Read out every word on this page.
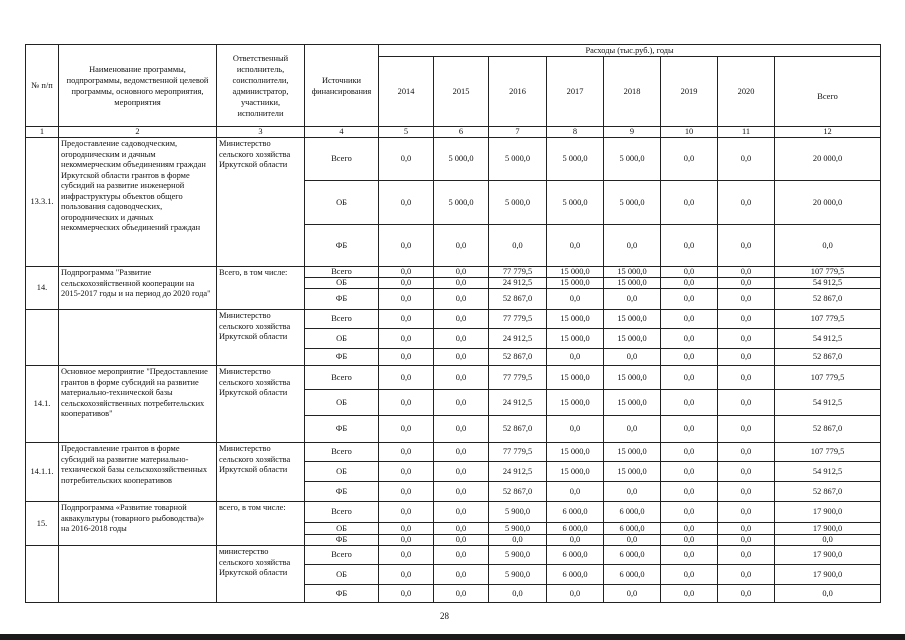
№ п/п	Наименование программы, подпрограммы, ведомственной целевой программы, основного мероприятия, мероприятия	Ответственный исполнитель, соисполнители, администратор, участники, исполнители	Источники финансирования	Расходы (тыс.руб.), годы							
				2014	2015	2016	2017	2018	2019	2020	Всего
1	2	3	4	5	6	7	8	9	10	11	12
13.3.1.	Предоставление садоводческим, огородническим и дачным некоммерческим объединениям граждан Иркутской области грантов в форме субсидий на развитие инженерной инфраструктуры объектов общего пользования садоводческих, огороднических и дачных некоммерческих объединений граждан	Министерство сельского хозяйства Иркутской области	Всего	0,0	5 000,0	5 000,0	5 000,0	5 000,0	0,0	0,0	20 000,0
			ОБ	0,0	5 000,0	5 000,0	5 000,0	5 000,0	0,0	0,0	20 000,0
			ФБ	0,0	0,0	0,0	0,0	0,0	0,0	0,0	0,0
14.	Подпрограмма "Развитие сельскохозяйственной кооперации на 2015-2017 годы и на период до 2020 года"	Всего, в том числе:	Всего	0,0	0,0	77 779,5	15 000,0	15 000,0	0,0	0,0	107 779,5
			ОБ	0,0	0,0	24 912,5	15 000,0	15 000,0	0,0	0,0	54 912,5
			ФБ	0,0	0,0	52 867,0	0,0	0,0	0,0	0,0	52 867,0
		Министерство сельского хозяйства Иркутской области	Всего	0,0	0,0	77 779,5	15 000,0	15 000,0	0,0	0,0	107 779,5
			ОБ	0,0	0,0	24 912,5	15 000,0	15 000,0	0,0	0,0	54 912,5
			ФБ	0,0	0,0	52 867,0	0,0	0,0	0,0	0,0	52 867,0
14.1.	Основное мероприятие "Предоставление грантов в форме субсидий на развитие материально-технической базы сельскохозяйственных потребительских кооперативов"	Министерство сельского хозяйства Иркутской области	Всего	0,0	0,0	77 779,5	15 000,0	15 000,0	0,0	0,0	107 779,5
			ОБ	0,0	0,0	24 912,5	15 000,0	15 000,0	0,0	0,0	54 912,5
			ФБ	0,0	0,0	52 867,0	0,0	0,0	0,0	0,0	52 867,0
14.1.1.	Предоставление грантов в форме субсидий на развитие материально-технической базы сельскохозяйственных потребительских кооперативов	Министерство сельского хозяйства Иркутской области	Всего	0,0	0,0	77 779,5	15 000,0	15 000,0	0,0	0,0	107 779,5
			ОБ	0,0	0,0	24 912,5	15 000,0	15 000,0	0,0	0,0	54 912,5
			ФБ	0,0	0,0	52 867,0	0,0	0,0	0,0	0,0	52 867,0
15.	Подпрограмма «Развитие товарной аквакультуры (товарного рыбоводства)» на 2016-2018 годы	всего, в том числе:	Всего	0,0	0,0	5 900,0	6 000,0	6 000,0	0,0	0,0	17 900,0
			ОБ	0,0	0,0	5 900,0	6 000,0	6 000,0	0,0	0,0	17 900,0
			ФБ	0,0	0,0	0,0	0,0	0,0	0,0	0,0	0,0
		министерство сельского хозяйства Иркутской области	Всего	0,0	0,0	5 900,0	6 000,0	6 000,0	0,0	0,0	17 900,0
			ОБ	0,0	0,0	5 900,0	6 000,0	6 000,0	0,0	0,0	17 900,0
			ФБ	0,0	0,0	0,0	0,0	0,0	0,0	0,0	0,0
28
